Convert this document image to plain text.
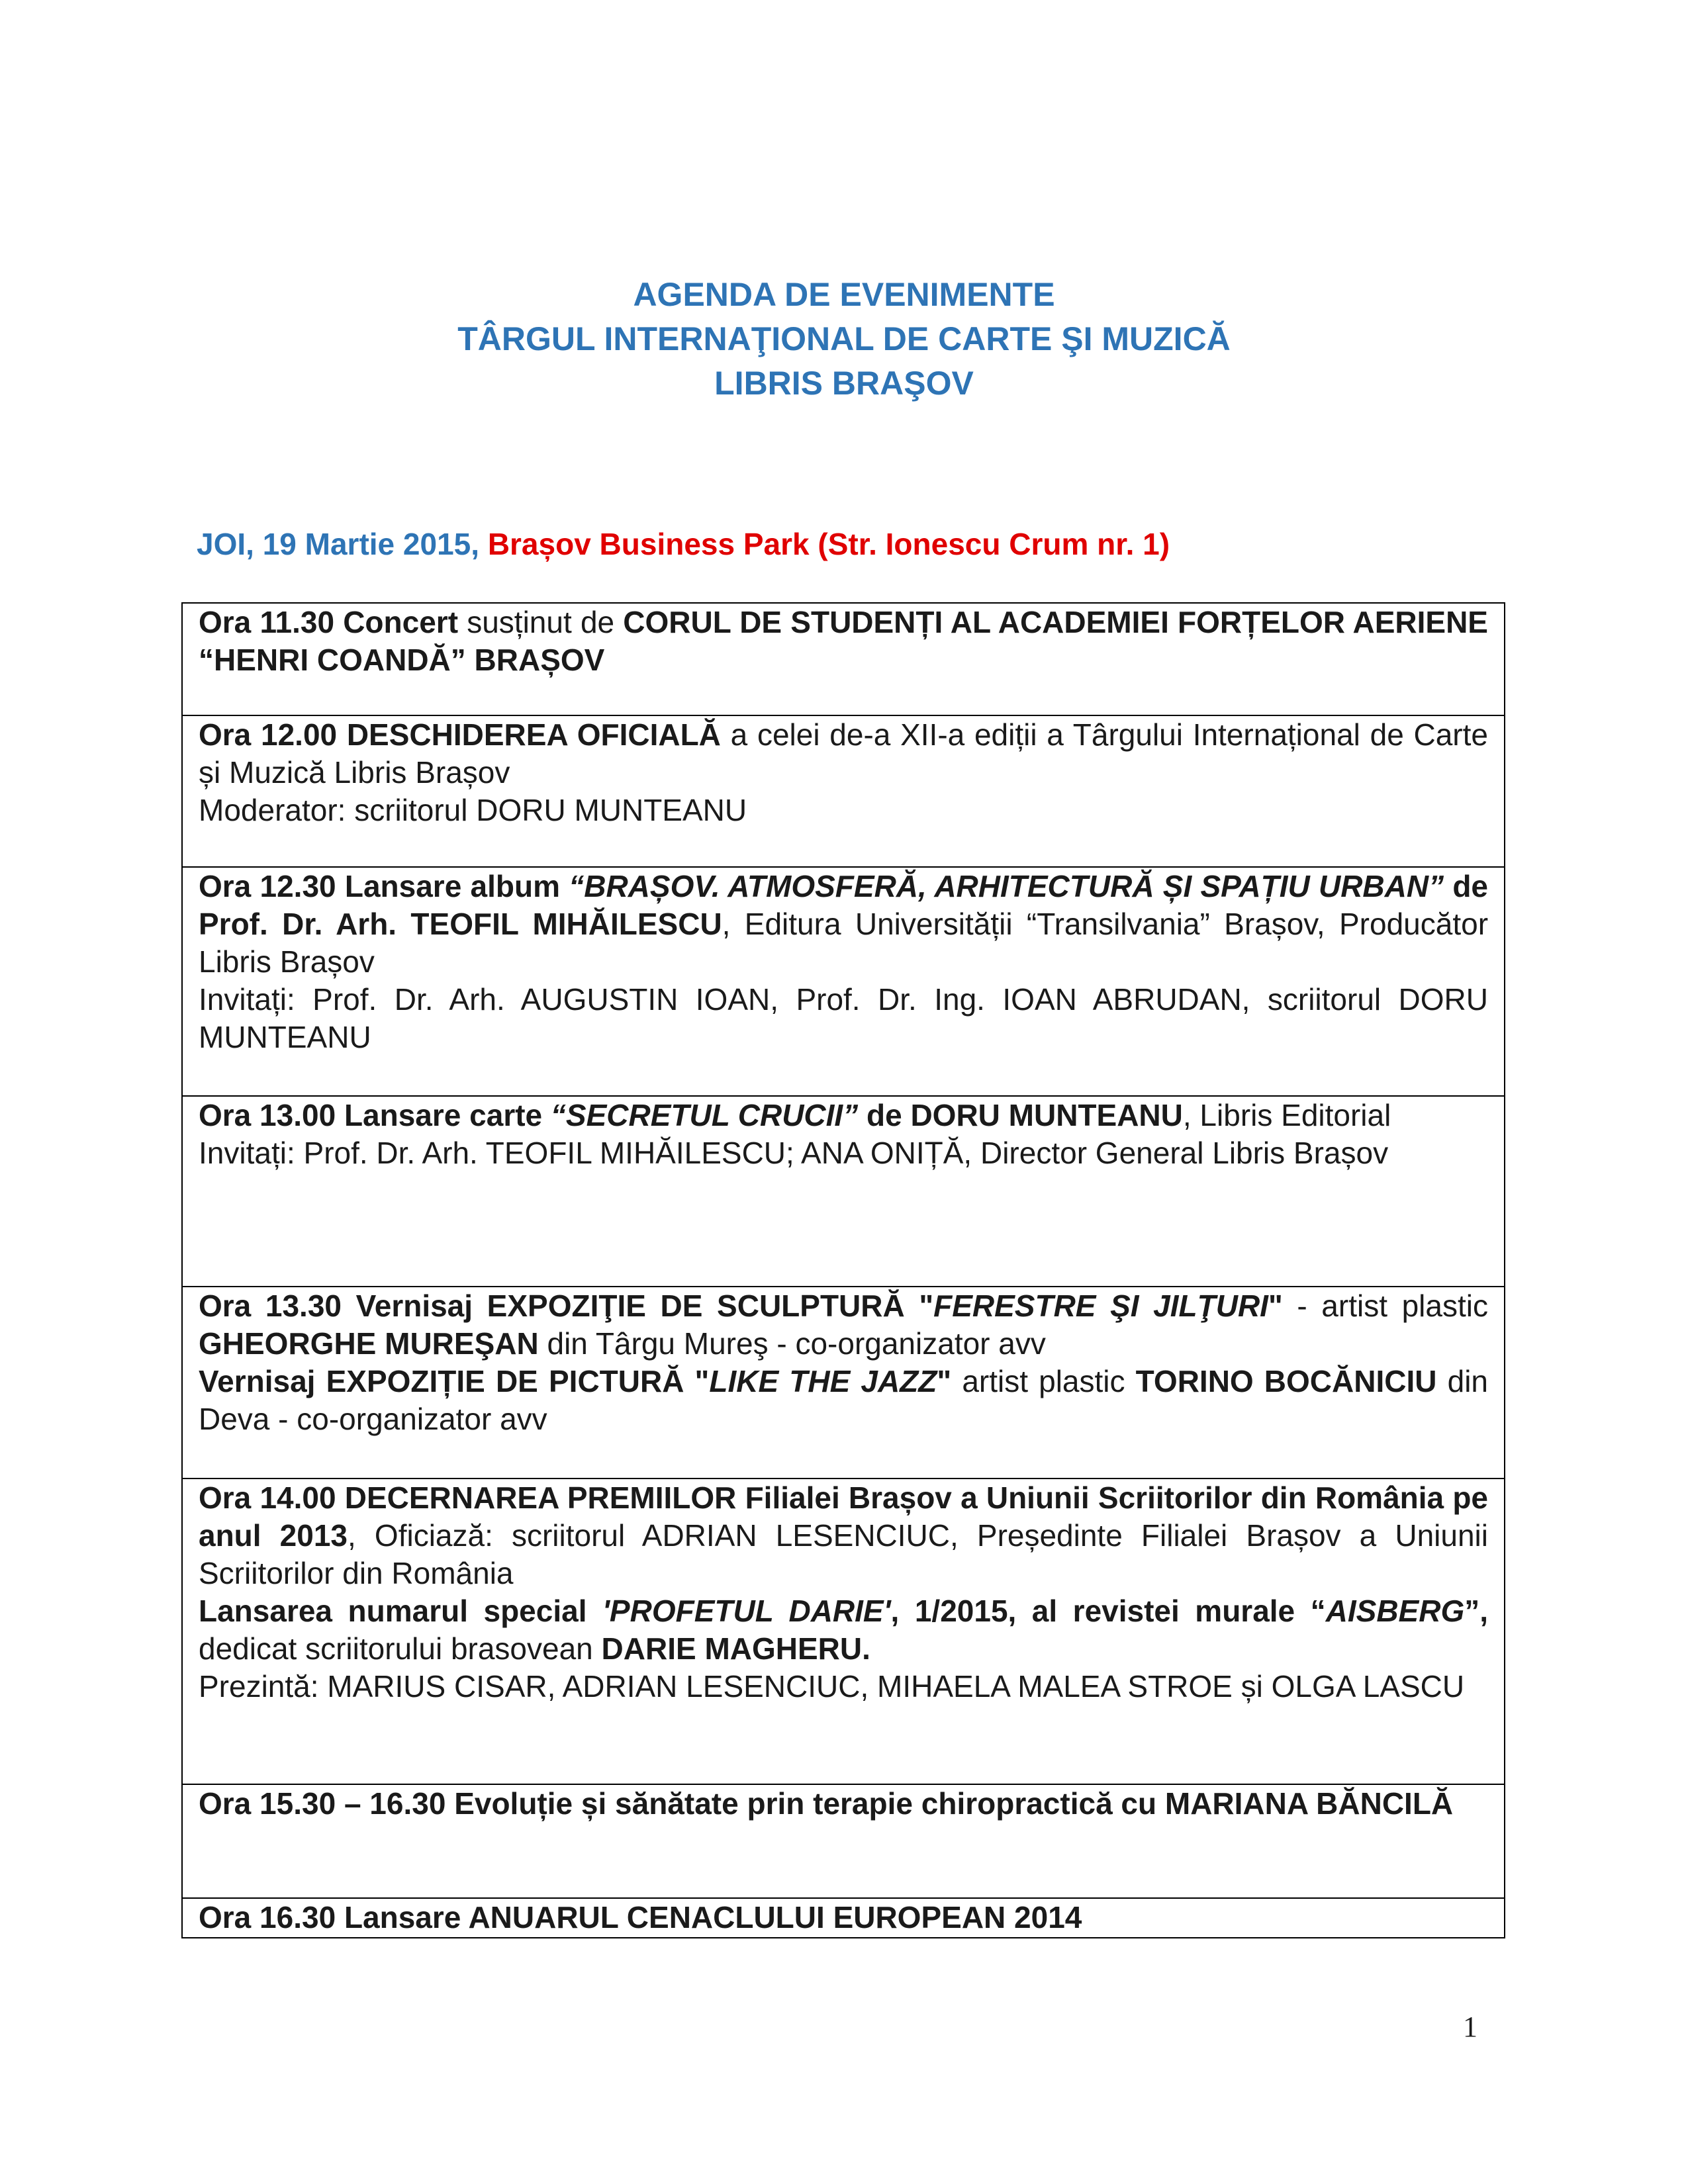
AGENDA DE EVENIMENTE
TÂRGUL INTERNAŢIONAL DE CARTE ŞI MUZICĂ
LIBRIS BRAŞOV
JOI, 19 Martie 2015, Brașov Business Park (Str. Ionescu Crum nr. 1)

Ora 11.30 Concert susținut de CORUL DE STUDENȚI AL ACADEMIEI FORȚELOR AERIENE “HENRI COANDĂ” BRAȘOV

Ora 12.00 DESCHIDEREA OFICIALĂ a celei de-a XII-a ediții a Târgului Internațional de Carte și Muzică Libris Brașov

Moderator: scriitorul DORU MUNTEANU

Ora 12.30 Lansare album “BRAȘOV. ATMOSFERĂ, ARHITECTURĂ ȘI SPAȚIU URBAN” de Prof. Dr. Arh. TEOFIL MIHĂILESCU, Editura Universității “Transilvania” Brașov, Producător Libris Brașov

Invitați: Prof. Dr. Arh. AUGUSTIN IOAN, Prof. Dr. Ing. IOAN ABRUDAN, scriitorul DORU MUNTEANU

Ora 13.00 Lansare carte “SECRETUL CRUCII” de DORU MUNTEANU, Libris Editorial

Invitați: Prof. Dr. Arh. TEOFIL MIHĂILESCU; ANA ONIȚĂ, Director General Libris Brașov

Ora 13.30 Vernisaj EXPOZIŢIE DE SCULPTURĂ "FERESTRE ŞI JILŢURI" - artist plastic GHEORGHE MUREŞAN din Târgu Mureş - co-organizator avv

Vernisaj EXPOZIȚIE DE PICTURĂ "LIKE THE JAZZ" artist plastic TORINO BOCĂNICIU din Deva - co-organizator avv

Ora 14.00 DECERNAREA PREMIILOR Filialei Brașov a Uniunii Scriitorilor din România pe anul 2013, Oficiază: scriitorul ADRIAN LESENCIUC, Președinte Filialei Brașov a Uniunii Scriitorilor din România

Lansarea numarul special 'PROFETUL DARIE', 1/2015, al revistei murale “AISBERG”, dedicat scriitorului brasovean DARIE MAGHERU.

Prezintă: MARIUS CISAR, ADRIAN LESENCIUC, MIHAELA MALEA STROE și OLGA LASCU

Ora 15.30 – 16.30 Evoluție și sănătate prin terapie chiropractică cu MARIANA BĂNCILĂ

Ora 16.30 Lansare ANUARUL CENACLULUI EUROPEAN 2014

1
